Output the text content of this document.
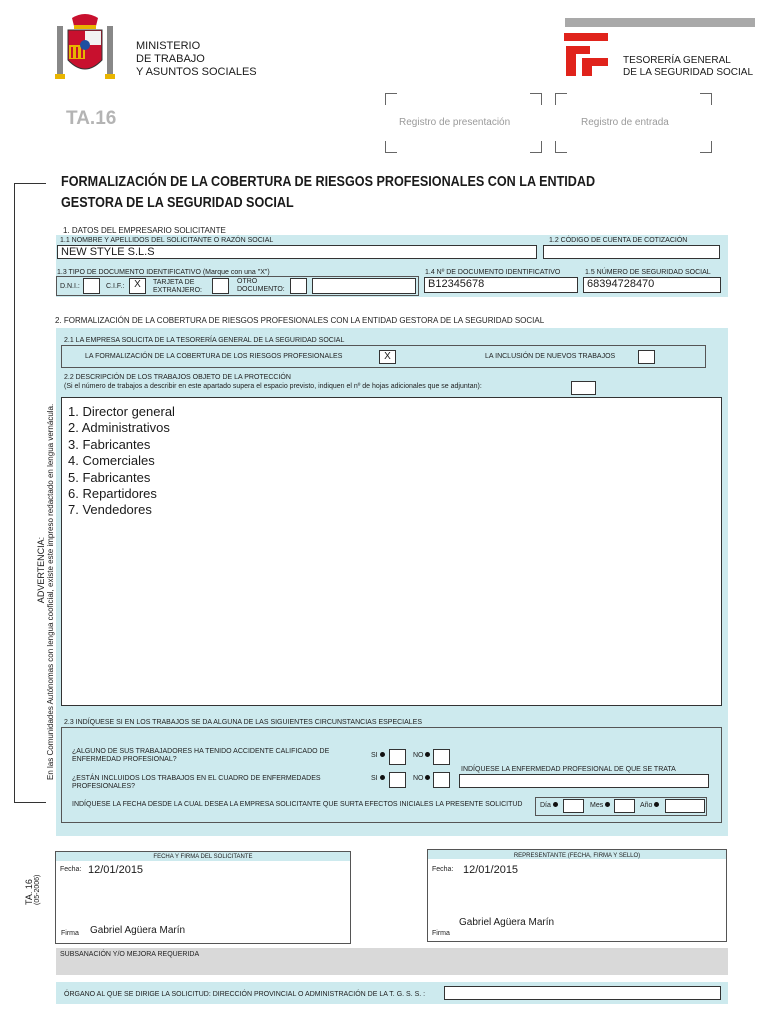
MINISTERIO
DE TRABAJO
Y ASUNTOS SOCIALES
TESORERÍA GENERAL
DE LA SEGURIDAD SOCIAL
TA.16	Registro de presentación	Registro de entrada
FORMALIZACIÓN DE LA COBERTURA DE RIESGOS PROFESIONALES CON LA ENTIDAD
GESTORA DE LA SEGURIDAD SOCIAL
ADVERTENCIA: En las Comunidades Autónomas con lengua cooficial, existe este impreso redactado en lengua vernácula.
TA. 16 (05-2006)
1. DATOS DEL EMPRESARIO SOLICITANTE
1.1 NOMBRE Y APELLIDOS DEL SOLICITANTE O RAZÓN SOCIAL
NEW STYLE S.L.S
1.2 CÓDIGO DE CUENTA DE COTIZACIÓN
1.3 TIPO DE DOCUMENTO IDENTIFICATIVO (Marque con una "X")
D.N.I.:	C.I.F.: X	TARJETA DE
EXTRANJERO:
OTRO
DOCUMENTO:
1.4 Nº DE DOCUMENTO IDENTIFICATIVO
B12345678
1.5 NÚMERO DE SEGURIDAD SOCIAL
68394728470
2. FORMALIZACIÓN DE LA COBERTURA DE RIESGOS PROFESIONALES CON LA ENTIDAD GESTORA DE LA SEGURIDAD SOCIAL
2.1 LA EMPRESA SOLICITA DE LA TESORERÍA GENERAL DE LA SEGURIDAD SOCIAL
LA FORMALIZACIÓN DE LA COBERTURA DE LOS RIESGOS PROFESIONALES	X	LA INCLUSIÓN DE NUEVOS TRABAJOS
2.2 DESCRIPCIÓN DE LOS TRABAJOS OBJETO DE LA PROTECCIÓN
(Si el número de trabajos a describir en este apartado supera el espacio previsto, indiquen el nº de hojas adicionales que se adjuntan):
1. Director general
2. Administrativos
3. Fabricantes
4. Comerciales
5. Fabricantes
6. Repartidores
7. Vendedores
2.3 INDÍQUESE SI EN LOS TRABAJOS SE DA ALGUNA DE LAS SIGUIENTES CIRCUNSTANCIAS ESPECIALES
¿ALGUNO DE SUS TRABAJADORES HA TENIDO ACCIDENTE CALIFICADO DE
ENFERMEDAD PROFESIONAL?
SI	NO
¿ESTÁN INCLUIDOS LOS TRABAJOS EN EL CUADRO DE ENFERMEDADES
PROFESIONALES?
SI	NO
INDÍQUESE LA ENFERMEDAD PROFESIONAL DE QUE SE TRATA
INDÍQUESE LA FECHA DESDE LA CUAL DESEA LA EMPRESA SOLICITANTE QUE SURTA EFECTOS INICIALES LA PRESENTE SOLICITUD	Día	Mes	Año
FECHA Y FIRMA DEL SOLICITANTE
Fecha: 12/01/2015
Firma Gabriel Agüera Marín
REPRESENTANTE (FECHA, FIRMA Y SELLO)
Fecha: 12/01/2015
Firma
Gabriel Agüera Marín
SUBSANACIÓN Y/O MEJORA REQUERIDA
ÓRGANO AL QUE SE DIRIGE LA SOLICITUD: DIRECCIÓN PROVINCIAL O ADMINISTRACIÓN DE LA T. G. S. S. :
